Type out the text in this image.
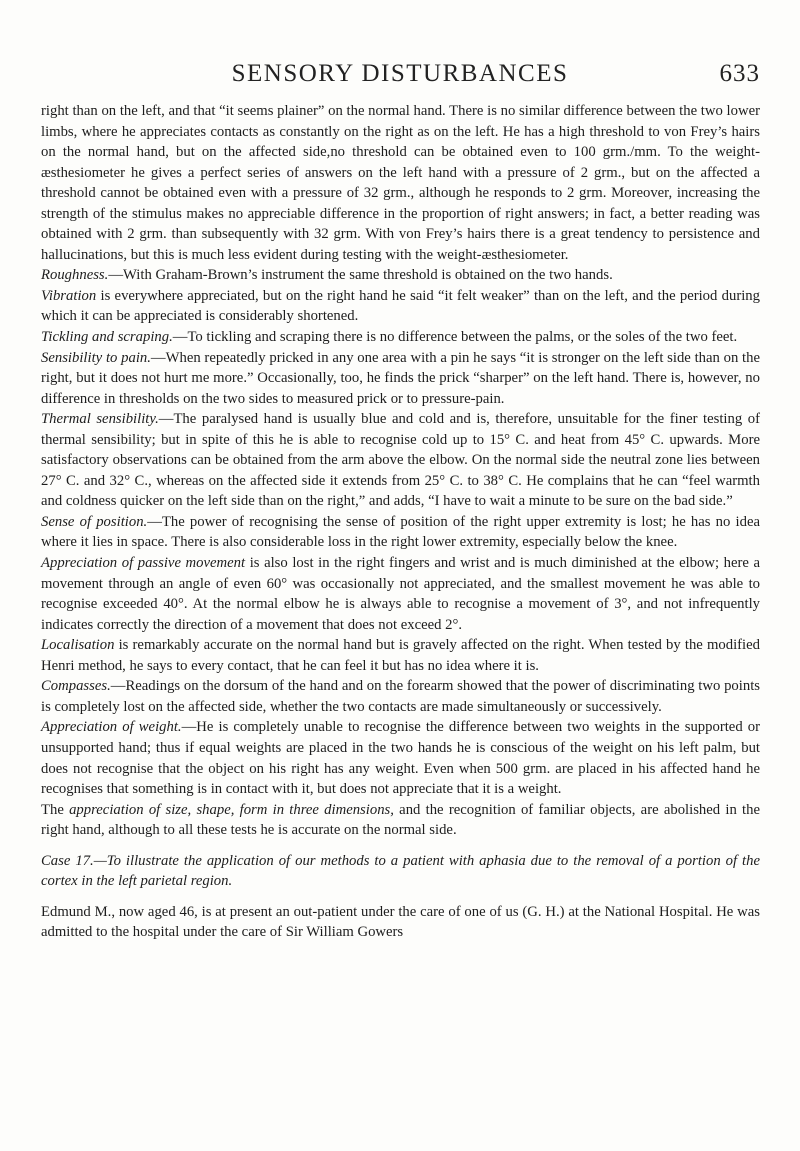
SENSORY DISTURBANCES	633

right than on the left, and that “it seems plainer” on the normal hand. There is no similar difference between the two lower limbs, where he appreciates contacts as constantly on the right as on the left. He has a high threshold to von Frey’s hairs on the normal hand, but on the affected side,no threshold can be obtained even to 100 grm./mm. To the weight-æsthesiometer he gives a perfect series of answers on the left hand with a pressure of 2 grm., but on the affected a threshold cannot be obtained even with a pressure of 32 grm., although he responds to 2 grm. Moreover, increasing the strength of the stimulus makes no appreciable difference in the proportion of right answers; in fact, a better reading was obtained with 2 grm. than subsequently with 32 grm. With von Frey’s hairs there is a great tendency to persistence and hallucinations, but this is much less evident during testing with the weight-æsthesiometer.

Roughness.—With Graham-Brown’s instrument the same threshold is obtained on the two hands.

Vibration is everywhere appreciated, but on the right hand he said “it felt weaker” than on the left, and the period during which it can be appreciated is considerably shortened.

Tickling and scraping.—To tickling and scraping there is no difference between the palms, or the soles of the two feet.

Sensibility to pain.—When repeatedly pricked in any one area with a pin he says “it is stronger on the left side than on the right, but it does not hurt me more.” Occasionally, too, he finds the prick “sharper” on the left hand. There is, however, no difference in thresholds on the two sides to measured prick or to pressure-pain.

Thermal sensibility.—The paralysed hand is usually blue and cold and is, therefore, unsuitable for the finer testing of thermal sensibility; but in spite of this he is able to recognise cold up to 15° C. and heat from 45° C. upwards. More satisfactory observations can be obtained from the arm above the elbow. On the normal side the neutral zone lies between 27° C. and 32° C., whereas on the affected side it extends from 25° C. to 38° C. He complains that he can “feel warmth and coldness quicker on the left side than on the right,” and adds, “I have to wait a minute to be sure on the bad side.”

Sense of position.—The power of recognising the sense of position of the right upper extremity is lost; he has no idea where it lies in space. There is also considerable loss in the right lower extremity, especially below the knee.

Appreciation of passive movement is also lost in the right fingers and wrist and is much diminished at the elbow; here a movement through an angle of even 60° was occasionally not appreciated, and the smallest movement he was able to recognise exceeded 40°. At the normal elbow he is always able to recognise a movement of 3°, and not infrequently indicates correctly the direction of a movement that does not exceed 2°.

Localisation is remarkably accurate on the normal hand but is gravely affected on the right. When tested by the modified Henri method, he says to every contact, that he can feel it but has no idea where it is.

Compasses.—Readings on the dorsum of the hand and on the forearm showed that the power of discriminating two points is completely lost on the affected side, whether the two contacts are made simultaneously or successively.

Appreciation of weight.—He is completely unable to recognise the difference between two weights in the supported or unsupported hand; thus if equal weights are placed in the two hands he is conscious of the weight on his left palm, but does not recognise that the object on his right has any weight. Even when 500 grm. are placed in his affected hand he recognises that something is in contact with it, but does not appreciate that it is a weight.

The appreciation of size, shape, form in three dimensions, and the recognition of familiar objects, are abolished in the right hand, although to all these tests he is accurate on the normal side.

Case 17.—To illustrate the application of our methods to a patient with aphasia due to the removal of a portion of the cortex in the left parietal region.

Edmund M., now aged 46, is at present an out-patient under the care of one of us (G. H.) at the National Hospital. He was admitted to the hospital under the care of Sir William Gowers
